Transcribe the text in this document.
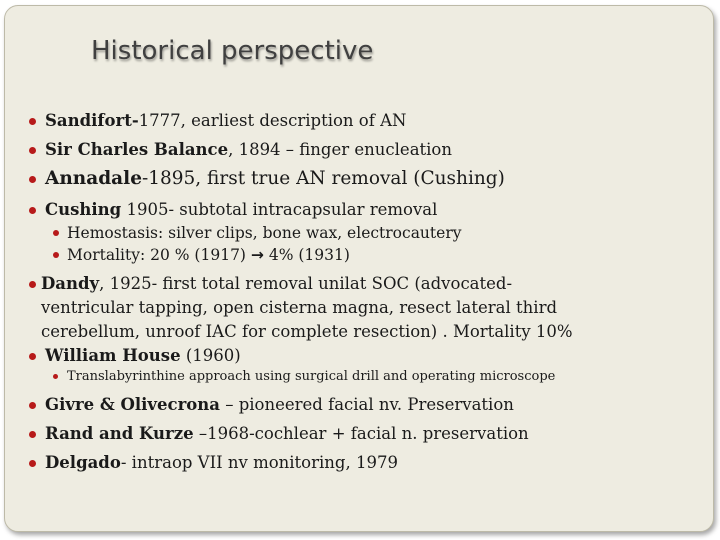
Historical perspective
Sandifort-1777, earliest description of AN
Sir Charles Balance, 1894 – finger enucleation
Annadale-1895, first true AN removal (Cushing)
Cushing 1905- subtotal intracapsular removal
Hemostasis: silver clips, bone wax, electrocautery
Mortality: 20 % (1917) → 4% (1931)
Dandy, 1925- first total removal unilat SOC (advocated- ventricular tapping, open cisterna magna, resect lateral third cerebellum, unroof IAC for complete resection) . Mortality 10%
William House (1960)
Translabyrinthine approach using surgical drill and operating microscope
Givre & Olivecrona – pioneered facial nv. Preservation
Rand and Kurze –1968-cochlear + facial n. preservation
Delgado- intraop VII nv monitoring, 1979
